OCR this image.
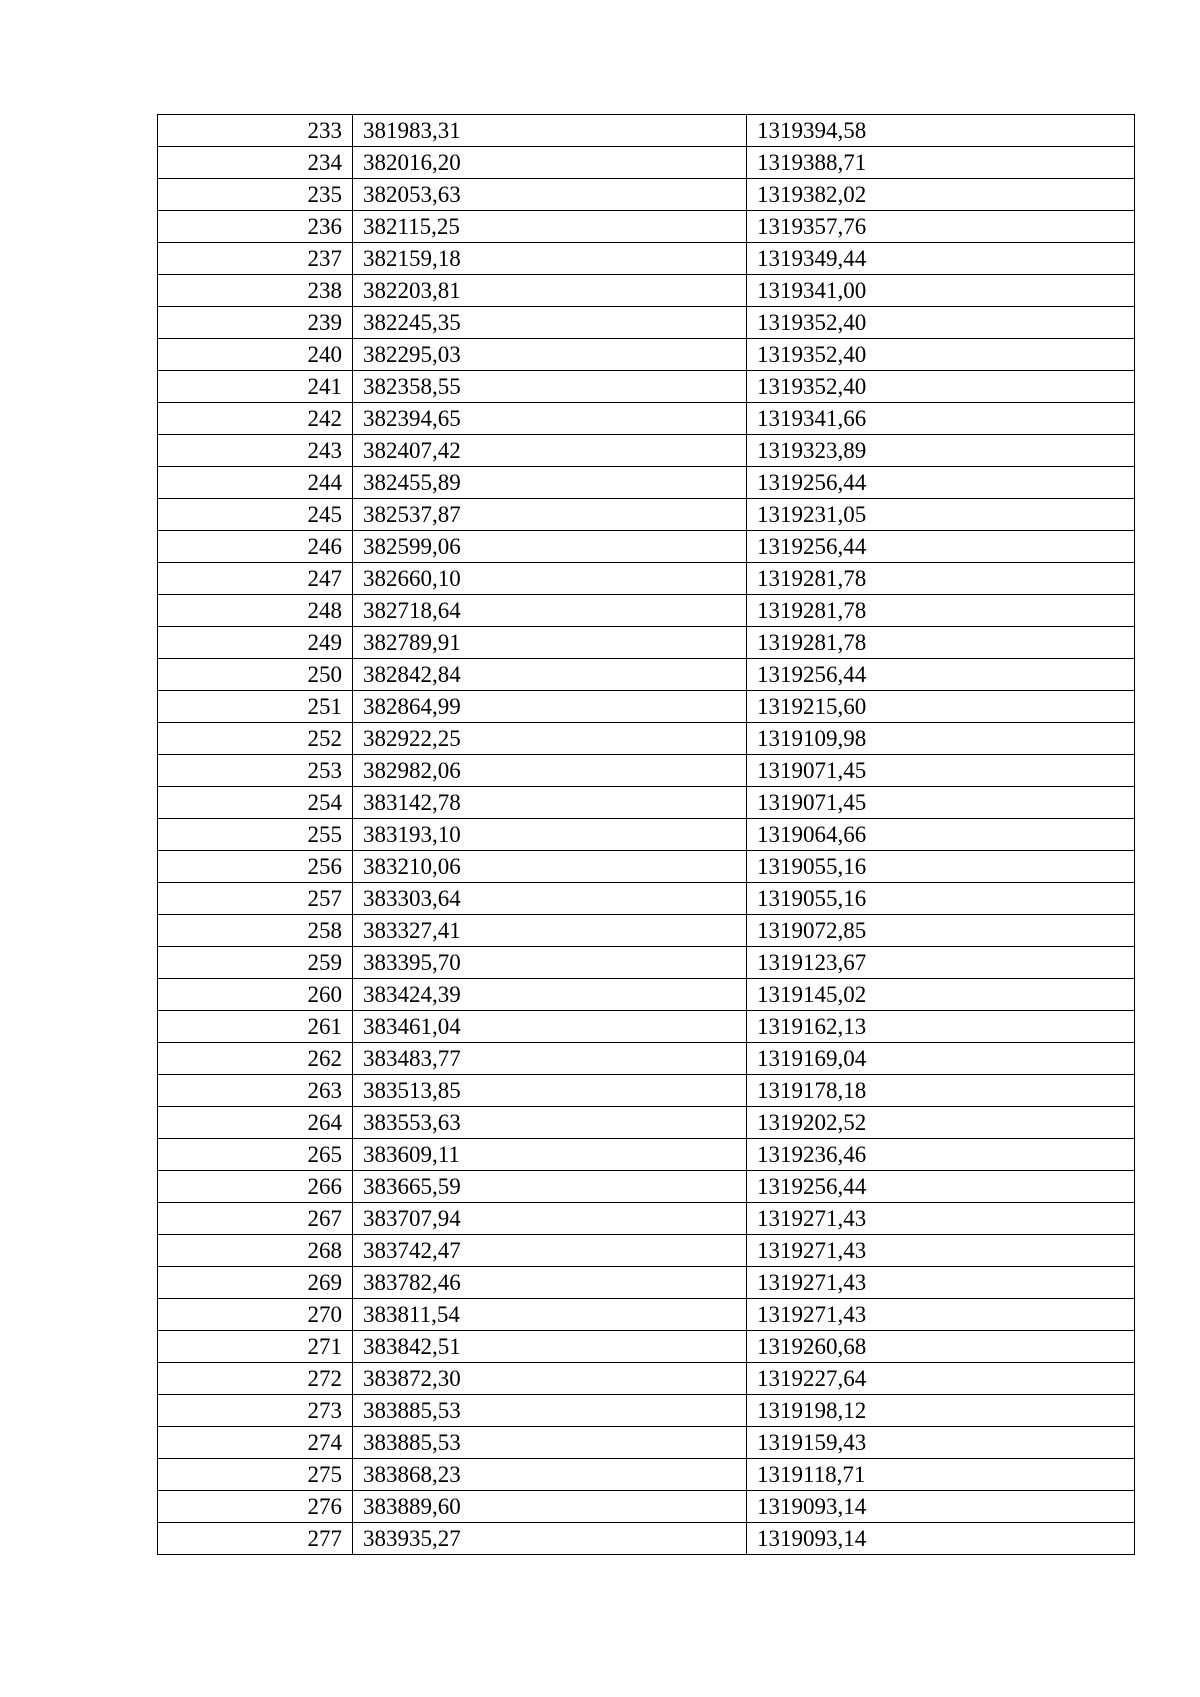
233	381983,31	1319394,58
234	382016,20	1319388,71
235	382053,63	1319382,02
236	382115,25	1319357,76
237	382159,18	1319349,44
238	382203,81	1319341,00
239	382245,35	1319352,40
240	382295,03	1319352,40
241	382358,55	1319352,40
242	382394,65	1319341,66
243	382407,42	1319323,89
244	382455,89	1319256,44
245	382537,87	1319231,05
246	382599,06	1319256,44
247	382660,10	1319281,78
248	382718,64	1319281,78
249	382789,91	1319281,78
250	382842,84	1319256,44
251	382864,99	1319215,60
252	382922,25	1319109,98
253	382982,06	1319071,45
254	383142,78	1319071,45
255	383193,10	1319064,66
256	383210,06	1319055,16
257	383303,64	1319055,16
258	383327,41	1319072,85
259	383395,70	1319123,67
260	383424,39	1319145,02
261	383461,04	1319162,13
262	383483,77	1319169,04
263	383513,85	1319178,18
264	383553,63	1319202,52
265	383609,11	1319236,46
266	383665,59	1319256,44
267	383707,94	1319271,43
268	383742,47	1319271,43
269	383782,46	1319271,43
270	383811,54	1319271,43
271	383842,51	1319260,68
272	383872,30	1319227,64
273	383885,53	1319198,12
274	383885,53	1319159,43
275	383868,23	1319118,71
276	383889,60	1319093,14
277	383935,27	1319093,14
